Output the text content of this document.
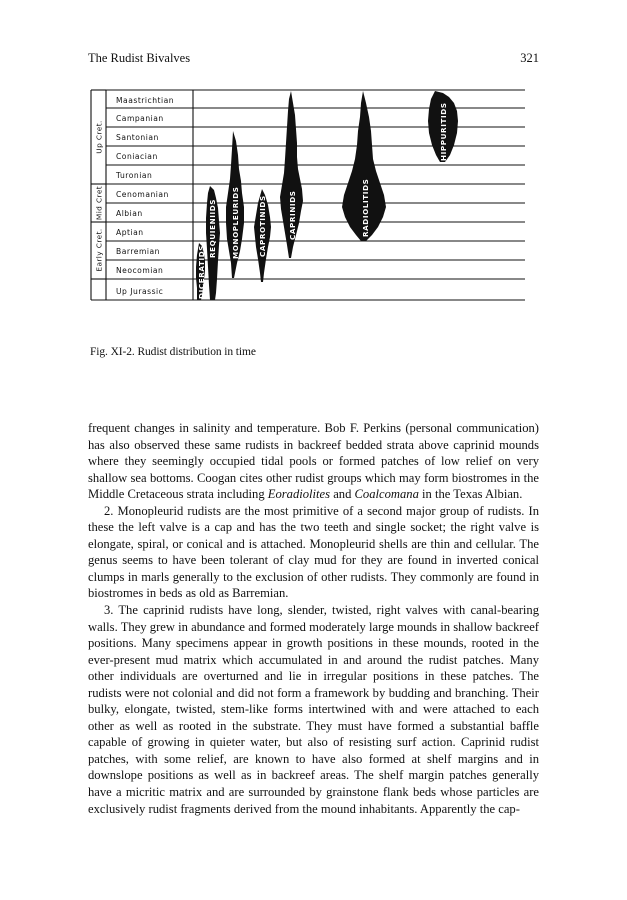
The Rudist Bivalves	321
DICERATIDS
REQUIENIIDS MONOPLEURIDS	CAPROTINIDS	CAPRINIDS	RADIOLITIDS
HIPPURITIDS
Maastrichtian
Campanian
Santonian
Coniacian
Turonian
Cenomanian
Albian
Aptian
Barremian
Neocomian
Up Jurassic
Up Cret.
Mid Cret
Early Cret.
Fig. XI-2. Rudist distribution in time

frequent changes in salinity and temperature. Bob F. Perkins (personal communication) has also observed these same rudists in backreef bedded strata above caprinid mounds where they seemingly occupied tidal pools or formed patches of low relief on very shallow sea bottoms. Coogan cites other rudist groups which may form biostromes in the Middle Cretaceous strata including Eoradiolites and Coalcomana in the Texas Albian.

2. Monopleurid rudists are the most primitive of a second major group of rudists. In these the left valve is a cap and has the two teeth and single socket; the right valve is elongate, spiral, or conical and is attached. Monopleurid shells are thin and cellular. The genus seems to have been tolerant of clay mud for they are found in inverted conical clumps in marls generally to the exclusion of other rudists. They commonly are found in biostromes in beds as old as Barremian.

3. The caprinid rudists have long, slender, twisted, right valves with canal-bearing walls. They grew in abundance and formed moderately large mounds in shallow backreef positions. Many specimens appear in growth positions in these mounds, rooted in the ever-present mud matrix which accumulated in and around the rudist patches. Many other individuals are overturned and lie in irregular positions in these patches. The rudists were not colonial and did not form a framework by budding and branching. Their bulky, elongate, twisted, stem-like forms intertwined with and were attached to each other as well as rooted in the substrate. They must have formed a substantial baffle capable of growing in quieter water, but also of resisting surf action. Caprinid rudist patches, with some relief, are known to have also formed at shelf margins and in downslope positions as well as in backreef areas. The shelf margin patches generally have a micritic matrix and are surrounded by grainstone flank beds whose particles are exclusively rudist fragments derived from the mound inhabitants. Apparently the cap-
